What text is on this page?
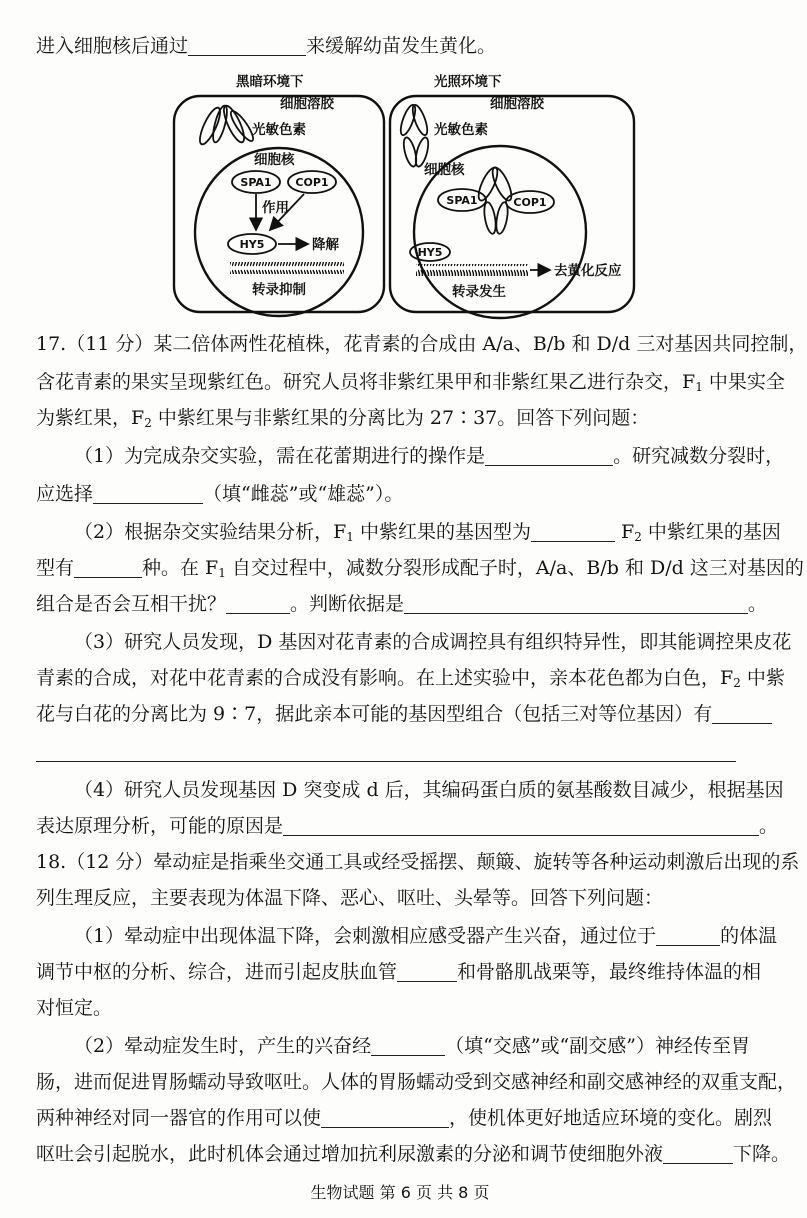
进入细胞核后通过	来缓解幼苗发生黄化。
黑暗环境下
细胞溶胶
光敏色素
细胞核
SPA1 COP1
作用
HY5	降解
转录抑制
光照环境下
细胞溶胶
光敏色素
细胞核
SPA1	COP1
HY5
去黄化反应
转录发生
17.（11 分）某二倍体两性花植株，花青素的合成由 A/a、B/b 和 D/d 三对基因共同控制，
含花青素的果实呈现紫红色。研究人员将非紫红果甲和非紫红果乙进行杂交，$F_1$ 中果实全
为紫红果，$F_2$ 中紫红果与非紫红果的分离比为 27∶37。回答下列问题：
（1）为完成杂交实验，需在花蕾期进行的操作是	。研究减数分裂时，
应选择	（填“雌蕊”或“雄蕊”）。
（2）根据杂交实验结果分析，$F_1$ 中紫红果的基因型为	$F_2$ 中紫红果的基因
型有	种。在 $F_1$ 自交过程中，减数分裂形成配子时，A/a、B/b 和 D/d 这三对基因的
组合是否会互相干扰？	。判断依据是	。
（3）研究人员发现，D 基因对花青素的合成调控具有组织特异性，即其能调控果皮花
青素的合成，对花中花青素的合成没有影响。在上述实验中，亲本花色都为白色，$F_2$ 中紫
花与白花的分离比为 9∶7，据此亲本可能的基因型组合（包括三对等位基因）有
（4）研究人员发现基因 D 突变成 d 后，其编码蛋白质的氨基酸数目减少，根据基因
表达原理分析，可能的原因是	。
18.（12 分）晕动症是指乘坐交通工具或经受摇摆、颠簸、旋转等各种运动刺激后出现的系
列生理反应，主要表现为体温下降、恶心、呕吐、头晕等。回答下列问题：
（1）晕动症中出现体温下降，会刺激相应感受器产生兴奋，通过位于	的体温
调节中枢的分析、综合，进而引起皮肤血管	和骨骼肌战栗等，最终维持体温的相
对恒定。
（2）晕动症发生时，产生的兴奋经	（填“交感”或“副交感”）神经传至胃
肠，进而促进胃肠蠕动导致呕吐。人体的胃肠蠕动受到交感神经和副交感神经的双重支配，
两种神经对同一器官的作用可以使	，使机体更好地适应环境的变化。剧烈
呕吐会引起脱水，此时机体会通过增加抗利尿激素的分泌和调节使细胞外液	下降。
生物试题 第 6 页 共 8 页
